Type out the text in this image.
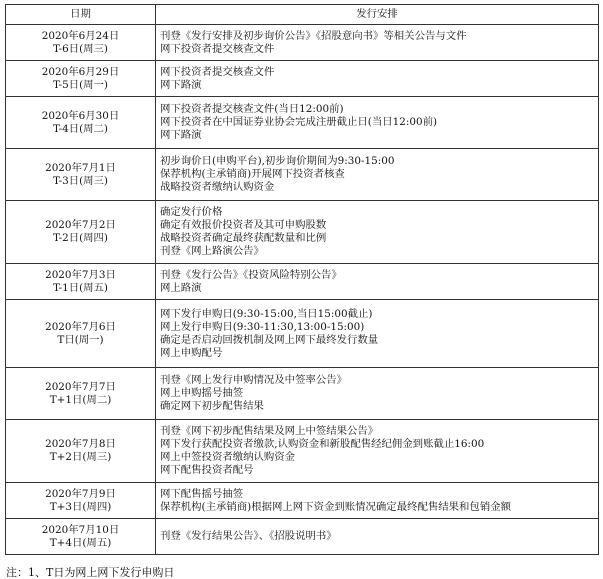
日期	发行安排

2020年6月24日
T-6日(周三)	刊登《发行安排及初步询价公告》《招股意向书》等相关公告与文件
网下投资者提交核查文件

2020年6月29日
T-5日(周一)	网下投资者提交核查文件
网下路演

2020年6月30日
T-4日(周二)	网下投资者提交核查文件(当日12:00前)
网下投资者在中国证券业协会完成注册截止日(当日12:00前)
网下路演

2020年7月1日
T-3日(周三)	初步询价日(申购平台),初步询价期间为9:30-15:00
保荐机构(主承销商)开展网下投资者核查
战略投资者缴纳认购资金

2020年7月2日
T-2日(周四)	确定发行价格
确定有效报价投资者及其可申购股数
战略投资者确定最终获配数量和比例
刊登《网上路演公告》

2020年7月3日
T-1日(周五)	刊登《发行公告》《投资风险特别公告》
网上路演

2020年7月6日
T日(周一)	网下发行申购日(9:30-15:00,当日15:00截止)
网上发行申购日(9:30-11:30,13:00-15:00)
确定是否启动回拨机制及网上网下最终发行数量
网上申购配号

2020年7月7日
T+1日(周二)	刊登《网上发行申购情况及中签率公告》
网上申购摇号抽签
确定网下初步配售结果

2020年7月8日
T+2日(周三)	刊登《网下初步配售结果及网上中签结果公告》
网下发行获配投资者缴款,认购资金和新股配售经纪佣金到账截止16:00
网上中签投资者缴纳认购资金
网下配售投资者配号

2020年7月9日
T+3日(周四)	网下配售摇号抽签
保荐机构(主承销商)根据网上网下资金到账情况确定最终配售结果和包销金额

2020年7月10日
T+4日(周五)	刊登《发行结果公告》、《招股说明书》
注：1、T日为网上网下发行申购日
